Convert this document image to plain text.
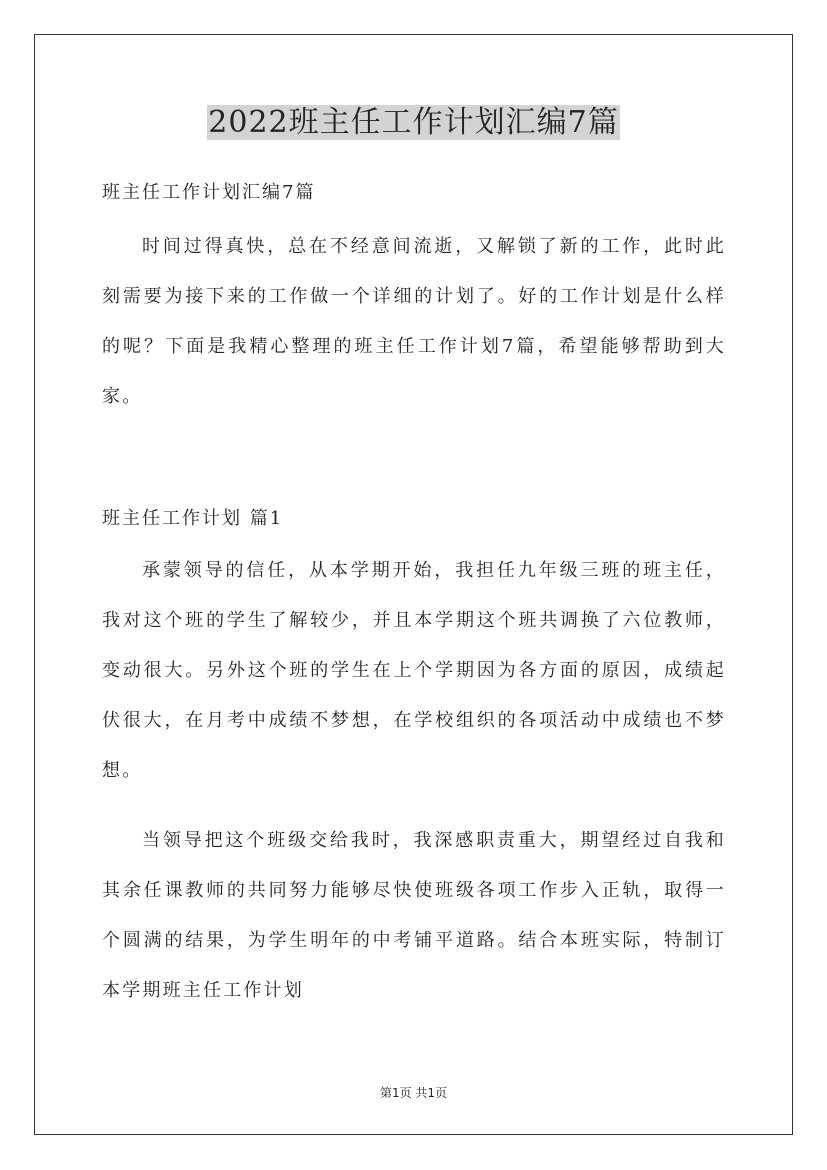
2022班主任工作计划汇编7篇
班主任工作计划汇编7篇

时间过得真快，总在不经意间流逝，又解锁了新的工作，此时此刻需要为接下来的工作做一个详细的计划了。好的工作计划是什么样的呢？下面是我精心整理的班主任工作计划7篇，希望能够帮助到大家。

班主任工作计划 篇1

承蒙领导的信任，从本学期开始，我担任九年级三班的班主任，我对这个班的学生了解较少，并且本学期这个班共调换了六位教师，变动很大。另外这个班的学生在上个学期因为各方面的原因，成绩起伏很大，在月考中成绩不梦想，在学校组织的各项活动中成绩也不梦想。

当领导把这个班级交给我时，我深感职责重大，期望经过自我和其余任课教师的共同努力能够尽快使班级各项工作步入正轨，取得一个圆满的结果，为学生明年的中考铺平道路。结合本班实际，特制订本学期班主任工作计划

第1页 共1页
